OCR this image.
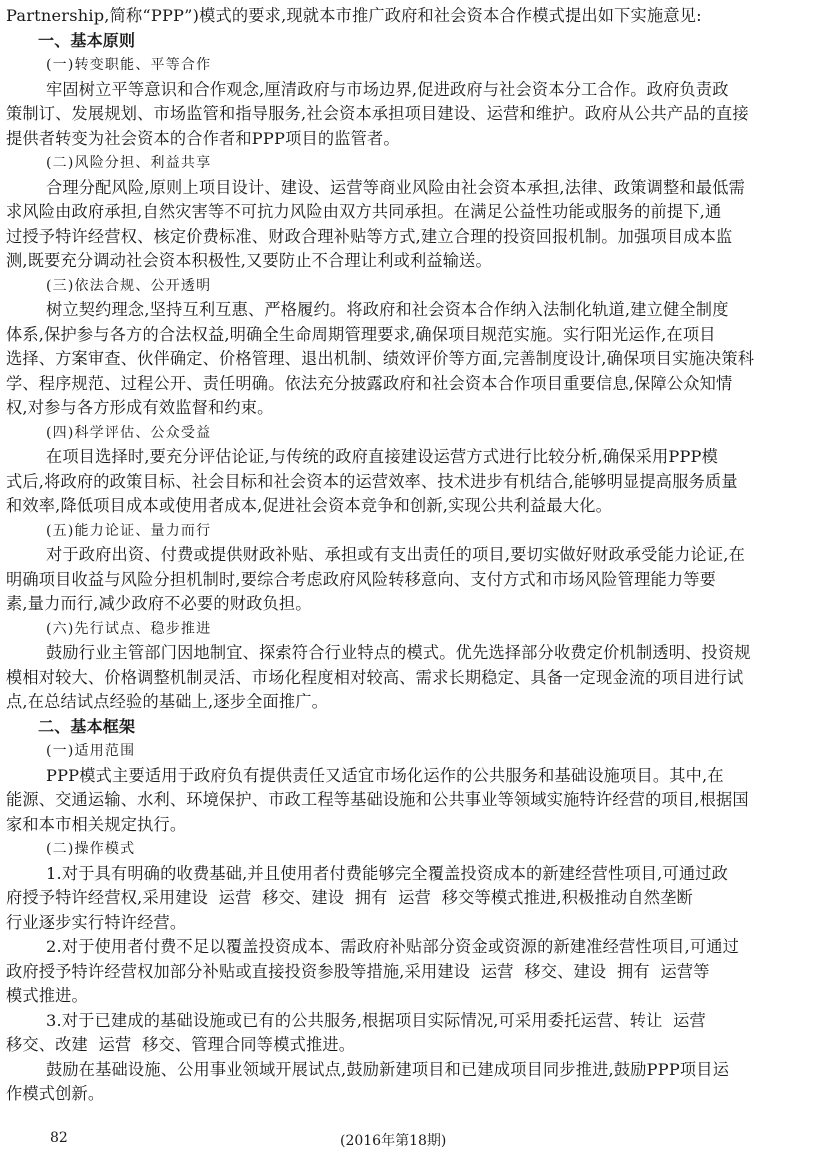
Partnership,简称“PPP”)模式的要求,现就本市推广政府和社会资本合作模式提出如下实施意见:
一、基本原则
(一)转变职能、平等合作
牢固树立平等意识和合作观念,厘清政府与市场边界,促进政府与社会资本分工合作。政府负责政
策制订、发展规划、市场监管和指导服务,社会资本承担项目建设、运营和维护。政府从公共产品的直接
提供者转变为社会资本的合作者和PPP项目的监管者。
(二)风险分担、利益共享
合理分配风险,原则上项目设计、建设、运营等商业风险由社会资本承担,法律、政策调整和最低需
求风险由政府承担,自然灾害等不可抗力风险由双方共同承担。在满足公益性功能或服务的前提下,通
过授予特许经营权、核定价费标准、财政合理补贴等方式,建立合理的投资回报机制。加强项目成本监
测,既要充分调动社会资本积极性,又要防止不合理让利或利益输送。
(三)依法合规、公开透明
树立契约理念,坚持互利互惠、严格履约。将政府和社会资本合作纳入法制化轨道,建立健全制度
体系,保护参与各方的合法权益,明确全生命周期管理要求,确保项目规范实施。实行阳光运作,在项目
选择、方案审查、伙伴确定、价格管理、退出机制、绩效评价等方面,完善制度设计,确保项目实施决策科
学、程序规范、过程公开、责任明确。依法充分披露政府和社会资本合作项目重要信息,保障公众知情
权,对参与各方形成有效监督和约束。
(四)科学评估、公众受益
在项目选择时,要充分评估论证,与传统的政府直接建设运营方式进行比较分析,确保采用PPP模
式后,将政府的政策目标、社会目标和社会资本的运营效率、技术进步有机结合,能够明显提高服务质量
和效率,降低项目成本或使用者成本,促进社会资本竞争和创新,实现公共利益最大化。
(五)能力论证、量力而行
对于政府出资、付费或提供财政补贴、承担或有支出责任的项目,要切实做好财政承受能力论证,在
明确项目收益与风险分担机制时,要综合考虑政府风险转移意向、支付方式和市场风险管理能力等要
素,量力而行,减少政府不必要的财政负担。
(六)先行试点、稳步推进
鼓励行业主管部门因地制宜、探索符合行业特点的模式。优先选择部分收费定价机制透明、投资规
模相对较大、价格调整机制灵活、市场化程度相对较高、需求长期稳定、具备一定现金流的项目进行试
点,在总结试点经验的基础上,逐步全面推广。
二、基本框架
(一)适用范围
PPP模式主要适用于政府负有提供责任又适宜市场化运作的公共服务和基础设施项目。其中,在
能源、交通运输、水利、环境保护、市政工程等基础设施和公共事业等领域实施特许经营的项目,根据国
家和本市相关规定执行。
(二)操作模式
1.对于具有明确的收费基础,并且使用者付费能够完全覆盖投资成本的新建经营性项目,可通过政
府授予特许经营权,采用建设  运营  移交、建设  拥有  运营  移交等模式推进,积极推动自然垄断
行业逐步实行特许经营。
2.对于使用者付费不足以覆盖投资成本、需政府补贴部分资金或资源的新建准经营性项目,可通过
政府授予特许经营权加部分补贴或直接投资参股等措施,采用建设  运营  移交、建设  拥有  运营等
模式推进。
3.对于已建成的基础设施或已有的公共服务,根据项目实际情况,可采用委托运营、转让  运营
移交、改建  运营  移交、管理合同等模式推进。
鼓励在基础设施、公用事业领域开展试点,鼓励新建项目和已建成项目同步推进,鼓励PPP项目运
作模式创新。
82	(2016年第18期)
